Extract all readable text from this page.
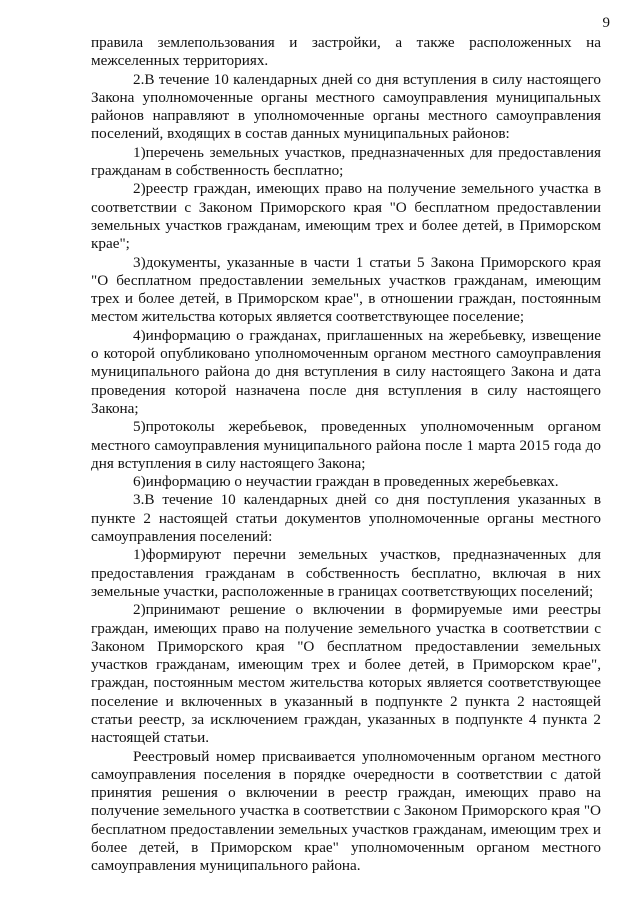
9

правила землепользования и застройки, а также расположенных на межселенных территориях.

2.В течение 10 календарных дней со дня вступления в силу настоящего Закона уполномоченные органы местного самоуправления муниципальных районов направляют в уполномоченные органы местного самоуправления поселений, входящих в состав данных муниципальных районов:

1)перечень земельных участков, предназначенных для предоставления гражданам в собственность бесплатно;

2)реестр граждан, имеющих право на получение земельного участка в соответствии с Законом Приморского края "О бесплатном предоставлении земельных участков гражданам, имеющим трех и более детей, в Приморском крае";

3)документы, указанные в части 1 статьи 5 Закона Приморского края "О бесплатном предоставлении земельных участков гражданам, имеющим трех и более детей, в Приморском крае", в отношении граждан, постоянным местом жительства которых является соответствующее поселение;

4)информацию о гражданах, приглашенных на жеребьевку, извещение о которой опубликовано уполномоченным органом местного самоуправления муниципального района до дня вступления в силу настоящего Закона и дата проведения которой назначена после дня вступления в силу настоящего Закона;

5)протоколы жеребьевок, проведенных уполномоченным органом местного самоуправления муниципального района после 1 марта 2015 года до дня вступления в силу настоящего Закона;

6)информацию о неучастии граждан в проведенных жеребьевках.

3.В течение 10 календарных дней со дня поступления указанных в пункте 2 настоящей статьи документов уполномоченные органы местного самоуправления поселений:

1)формируют перечни земельных участков, предназначенных для предоставления гражданам в собственность бесплатно, включая в них земельные участки, расположенные в границах соответствующих поселений;

2)принимают решение о включении в формируемые ими реестры граждан, имеющих право на получение земельного участка в соответствии с Законом Приморского края "О бесплатном предоставлении земельных участков гражданам, имеющим трех и более детей, в Приморском крае", граждан, постоянным местом жительства которых является соответствующее поселение и включенных в указанный в подпункте 2 пункта 2 настоящей статьи реестр, за исключением граждан, указанных в подпункте 4 пункта 2 настоящей статьи.

Реестровый номер присваивается уполномоченным органом местного самоуправления поселения в порядке очередности в соответствии с датой принятия решения о включении в реестр граждан, имеющих право на получение земельного участка в соответствии с Законом Приморского края "О бесплатном предоставлении земельных участков гражданам, имеющим трех и более детей, в Приморском крае" уполномоченным органом местного самоуправления муниципального района.
